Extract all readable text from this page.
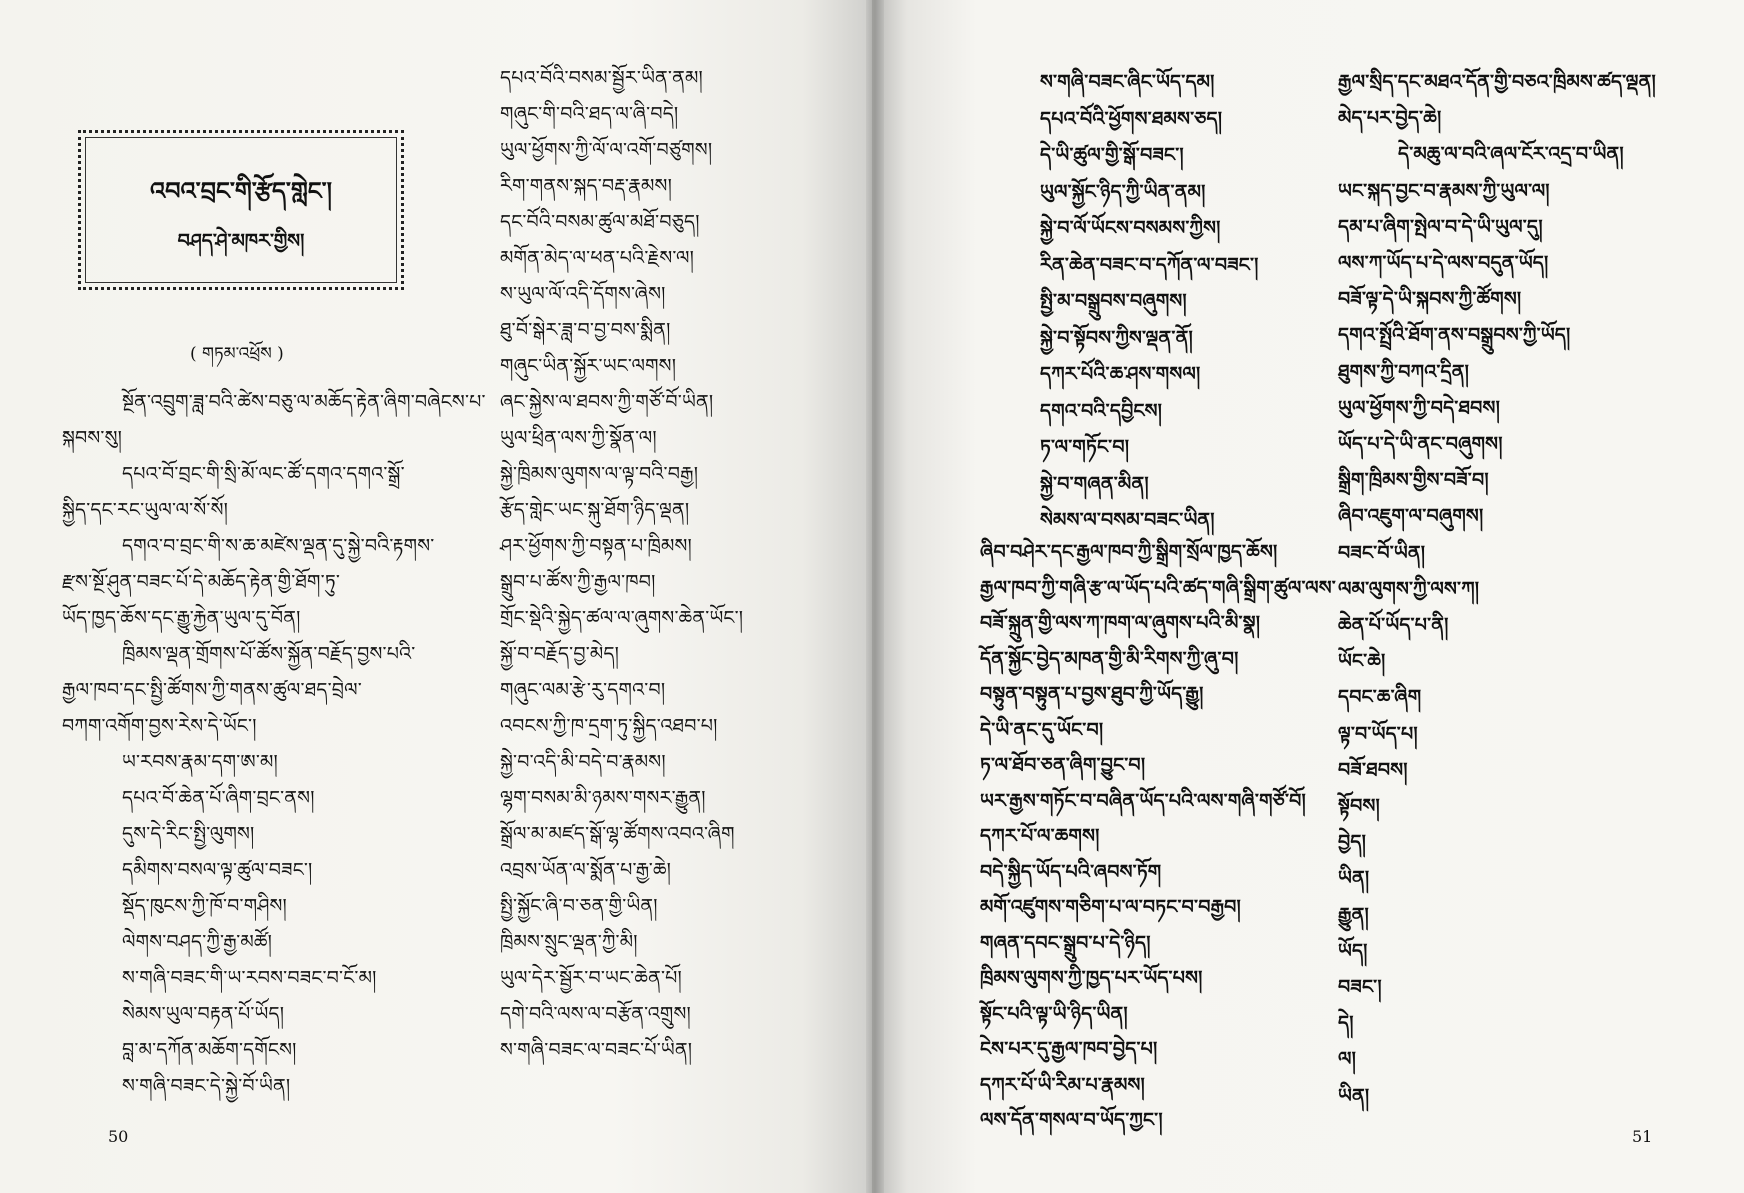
འབའ་བྲང་གི་རྩོད་གླེང་།
བཤད་ཤེ་མཁར་གྱིས།
( གཏམ་འཕྲོས )
སྔོན་འབྲུག་ཟླ་བའི་ཚེས་བཅུ་ལ་མཆོད་རྟེན་ཞིག་བཞེངས་པ་
སྐབས་སུ།
དཔའ་བོ་བྲང་གི་སྲི་མོ་ལང་ཚོ་དགའ་དགའ་སྒྲོ་
སྐྱིད་དང་རང་ཡུལ་ལ་སོ་སོ།
དགའ་བ་བྲང་གི་ས་ཆ་མཛེས་ལྡན་དུ་སྐྱེ་བའི་རྟགས་
རྫས་སྔོ་ཤུན་བཟང་པོ་དེ་མཆོད་རྟེན་གྱི་ཐོག་ཏུ་
ཡོད་ཁྱད་ཆོས་དང་རྒྱུ་རྐྱེན་ཡུལ་དུ་བོན།
ཁྲིམས་ལྡན་གྲོགས་པོ་ཚོས་སྐྱོན་བརྗོད་བྱས་པའི་
རྒྱལ་ཁབ་དང་སྤྱི་ཚོགས་ཀྱི་གནས་ཚུལ་ཐད་བྲེལ་
བཀག་འགོག་བྱས་རེས་དེ་ཡོང་།
ཡ་རབས་རྣམ་དག་ཨ་མ།
དཔའ་བོ་ཆེན་པོ་ཞིག་བྲང་ནས།
དུས་དེ་རིང་སྤྱི་ལུགས།
དམིགས་བསལ་ལྟ་ཚུལ་བཟང་།
སྡོད་ཁུངས་ཀྱི་ཁོ་བ་གཤིས།
ལེགས་བཤད་ཀྱི་རྒྱ་མཚོ།
ས་གཞི་བཟང་གི་ཡ་རབས་བཟང་བ་ངོ་མ།
སེམས་ཡུལ་བརྟན་པོ་ཡོད།
བླ་མ་དཀོན་མཆོག་དགོངས།
ས་གཞི་བཟང་དེ་སྐྱེ་བོ་ཡིན།
དཔའ་བོའི་བསམ་སྦྱོར་ཡིན་ནམ།
གཞུང་གི་བའི་ཐད་ལ་ཞི་བདེ།
ཡུལ་ཕྱོགས་ཀྱི་ལོ་ལ་འགོ་བཙུགས།
རིག་གནས་སྐད་བརྡ་རྣམས།
དང་བོའི་བསམ་ཚུལ་མཐོ་བཅུད།
མགོན་མེད་ལ་ཕན་པའི་རྗེས་ལ།
ས་ཡུལ་ལོ་འདི་དོགས་ཞེས།
ཐུ་བོ་སྒེར་ཟླ་བ་བྱ་བས་སྨིན།
གཞུང་ཡིན་སྐྱོར་ཡང་ལགས།
ཞང་སྐྱེས་ལ་ཐབས་ཀྱི་གཙོ་བོ་ཡིན།
ཡུལ་ཕྲིན་ལས་ཀྱི་སྣོན་ལ།
སྐྱེ་ཁྲིམས་ལུགས་ལ་ལྟ་བའི་བརྒྱ།
རྩོད་གླེང་ཡང་སྐུ་ཐོག་ཉིད་ལྡན།
ཤར་ཕྱོགས་ཀྱི་བསྟན་པ་ཁྲིམས།
སྒྲུབ་པ་ཚོས་ཀྱི་རྒྱལ་ཁབ།
གྲོང་སྡེའི་སྐྱེད་ཚལ་ལ་ཞུགས་ཆེན་ཡོང་།
སྐྱོ་བ་བརྗོད་བྱ་མེད།
གཞུང་ལམ་རྩེ་རུ་དགའ་བ།
འབངས་ཀྱི་ཁ་དྲག་ཏུ་སྐྱིད་འཐབ་པ།
སྐྱེ་བ་འདི་མི་བདེ་བ་རྣམས།
ལྷག་བསམ་མི་ཉམས་གསར་རྒྱུན།
སྒྲོལ་མ་མཛད་སྒོ་ལྷ་ཚོགས་འབའ་ཞིག
འབྲས་ཡོན་ལ་སྨོན་པ་རྒྱ་ཆེ།
སྤྱི་སྐྱོང་ཞི་བ་ཅན་གྱི་ཡིན།
ཁྲིམས་སྲུང་ལྡན་ཀྱི་མི།
ཡུལ་དེར་སྦྱོར་བ་ཡང་ཆེན་པོ།
དགེ་བའི་ལས་ལ་བརྩོན་འགྲུས།
ས་གཞི་བཟང་ལ་བཟང་པོ་ཡིན།
50
ས་གཞི་བཟང་ཞིང་ཡོད་དམ།
དཔའ་བོའི་ཕྱོགས་ཐམས་ཅད།
དེ་ཡི་ཚུལ་གྱི་སྒོ་བཟང་།
ཡུལ་སྐྱོང་ཉིད་ཀྱི་ཡིན་ནམ།
སྐྱེ་བ་ལོ་ཡོངས་བསམས་ཀྱིས།
རིན་ཆེན་བཟང་བ་དཀོན་ལ་བཟང་།
སྤྱི་མ་བསྒྲུབས་བཞུགས།
སྐྱེ་བ་སྟོབས་ཀྱིས་ལྡན་ནོ།
དཀར་པོའི་ཆ་ཤས་གསལ།
དགའ་བའི་དབྱིངས།
ཏ་ལ་གཏོང་བ།
སྐྱེ་བ་གཞན་མིན།
སེམས་ལ་བསམ་བཟང་ཡིན།
ཞིབ་བཤེར་དང་རྒྱལ་ཁབ་ཀྱི་སྒྲིག་སྲོལ་ཁྱད་ཆོས།
རྒྱལ་ཁབ་ཀྱི་གཞི་རྩ་ལ་ཡོད་པའི་ཚད་གཞི་སྒྲིག་ཚུལ་ལས་
བཟོ་སྐྲུན་གྱི་ལས་ཀ་ཁག་ལ་ཞུགས་པའི་མི་སྣ།
དོན་སྐྱོང་བྱེད་མཁན་གྱི་མི་རིགས་ཀྱི་ཞུ་བ།
བསྟུན་བསྟུན་པ་བྱས་ཐུབ་ཀྱི་ཡོད་རྒྱུ།
དེ་ཡི་ནང་དུ་ཡོང་བ།
ཏ་ལ་ཐོབ་ཅན་ཞིག་བྱུང་བ།
ཡར་རྒྱས་གཏོང་བ་བཞིན་ཡོད་པའི་ལས་གཞི་གཙོ་བོ།
དཀར་པོ་ལ་ཆགས།
བདེ་སྐྱིད་ཡོད་པའི་ཞབས་ཏོག
མགོ་འཛུགས་གཅིག་པ་ལ་བཏང་བ་བརྒྱབ།
གཞན་དབང་སྒྲུབ་པ་དེ་ཉིད།
ཁྲིམས་ལུགས་ཀྱི་ཁྱད་པར་ཡོད་པས།
སྟོང་པའི་ལྟ་ཡི་ཉིད་ཡིན།
ངེས་པར་དུ་རྒྱལ་ཁབ་བྱེད་པ།
དཀར་པོ་ཡི་རིམ་པ་རྣམས།
ལས་དོན་གསལ་བ་ཡོད་ཀྱང་།
རྒྱལ་སྲིད་དང་མཐའ་དོན་གྱི་བཅའ་ཁྲིམས་ཚད་ལྡན།
མེད་པར་བྱེད་ཆེ།
དེ་མཆུ་ལ་བའི་ཞལ་ངོར་འདྲ་བ་ཡིན།
ཡང་སྐད་བྱང་བ་རྣམས་ཀྱི་ཡུལ་ལ།
དམ་པ་ཞིག་སྤེལ་བ་དེ་ཡི་ཡུལ་དུ།
ལས་ཀ་ཡོད་པ་དེ་ལས་བདུན་ཡོད།
བཟོ་ལྟ་དེ་ཡི་སྐབས་ཀྱི་ཚོགས།
དགའ་སྤྲོའི་ཐོག་ནས་བསྒྲུབས་ཀྱི་ཡོད།
ཐུགས་ཀྱི་བཀའ་དྲིན།
ཡུལ་ཕྱོགས་ཀྱི་བདེ་ཐབས།
ཡོད་པ་དེ་ཡི་ནང་བཞུགས།
སྒྲིག་ཁྲིམས་གྱིས་བཟོ་བ།
ཞིབ་འཇུག་ལ་བཞུགས།
བཟང་བོ་ཡིན།
ལམ་ལུགས་ཀྱི་ལས་ཀ།
ཆེན་པོ་ཡོད་པ་ནི།
ཡོང་ཆེ།
དབང་ཆ་ཞིག
ལྟ་བ་ཡོད་པ།
བཟོ་ཐབས།
སྟོབས།
བྱེད།
ཡིན།
རྒྱུན།
ཡོད།
བཟང་།
དེ།
ལ།
ཡིན།
51
